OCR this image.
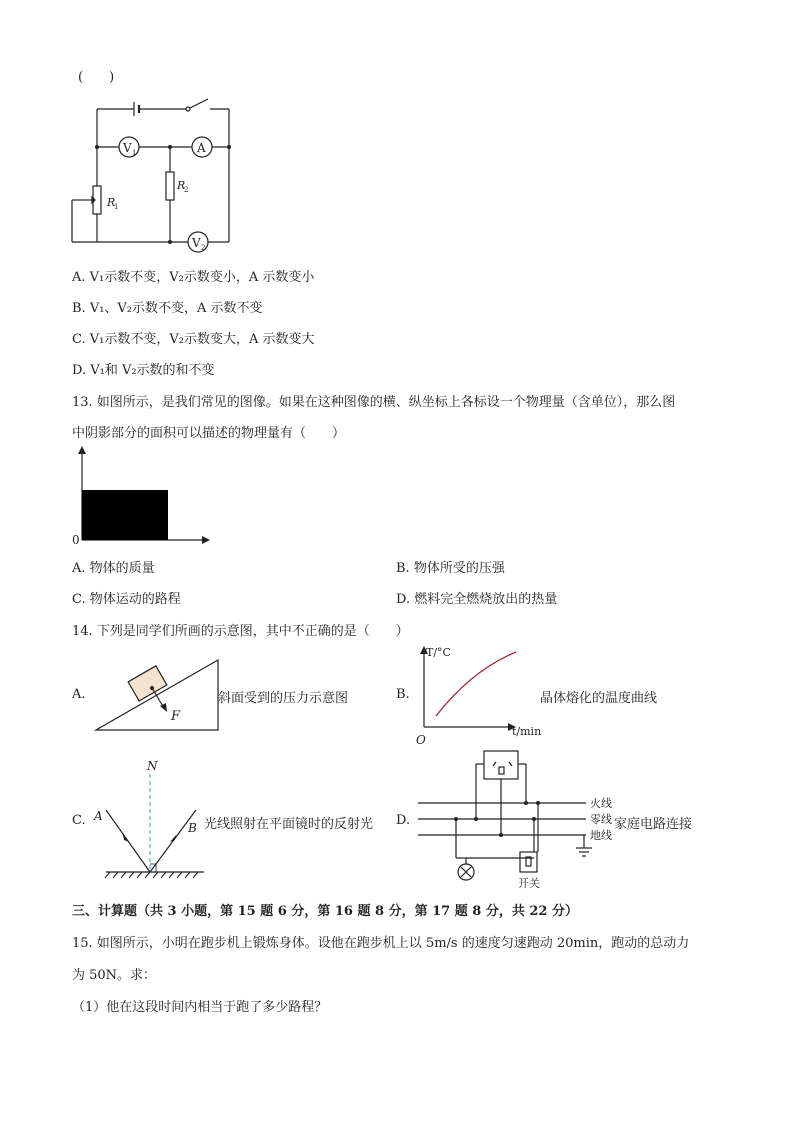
(　　)
V 1	A
V 2
R
1
R
2
A. V₁示数不变，V₂示数变小，A 示数变小
B. V₁、V₂示数不变，A 示数不变
C. V₁示数不变，V₂示数变大，A 示数变大
D. V₁和 V₂示数的和不变
13. 如图所示，是我们常见的图像。如果在这种图像的横、纵坐标上各标设一个物理量（含单位），那么图
中阴影部分的面积可以描述的物理量有（　　）
0
A. 物体的质量	B. 物体所受的压强
C. 物体运动的路程	D. 燃料完全燃烧放出的热量
14. 下列是同学们所画的示意图，其中不正确的是（　　）
A.
F
斜面受到的压力示意图	B.
T/°C
t/min
O
晶体熔化的温度曲线
C.
N
A
B 光线照射在平面镜时的反射光 D.
火线
零线
地线
开关
家庭电路连接
三、计算题（共 3 小题，第 15 题 6 分，第 16 题 8 分，第 17 题 8 分，共 22 分）
15. 如图所示，小明在跑步机上锻炼身体。设他在跑步机上以 5m/s 的速度匀速跑动 20min，跑动的总动力
为 50N。求：
（1）他在这段时间内相当于跑了多少路程？
